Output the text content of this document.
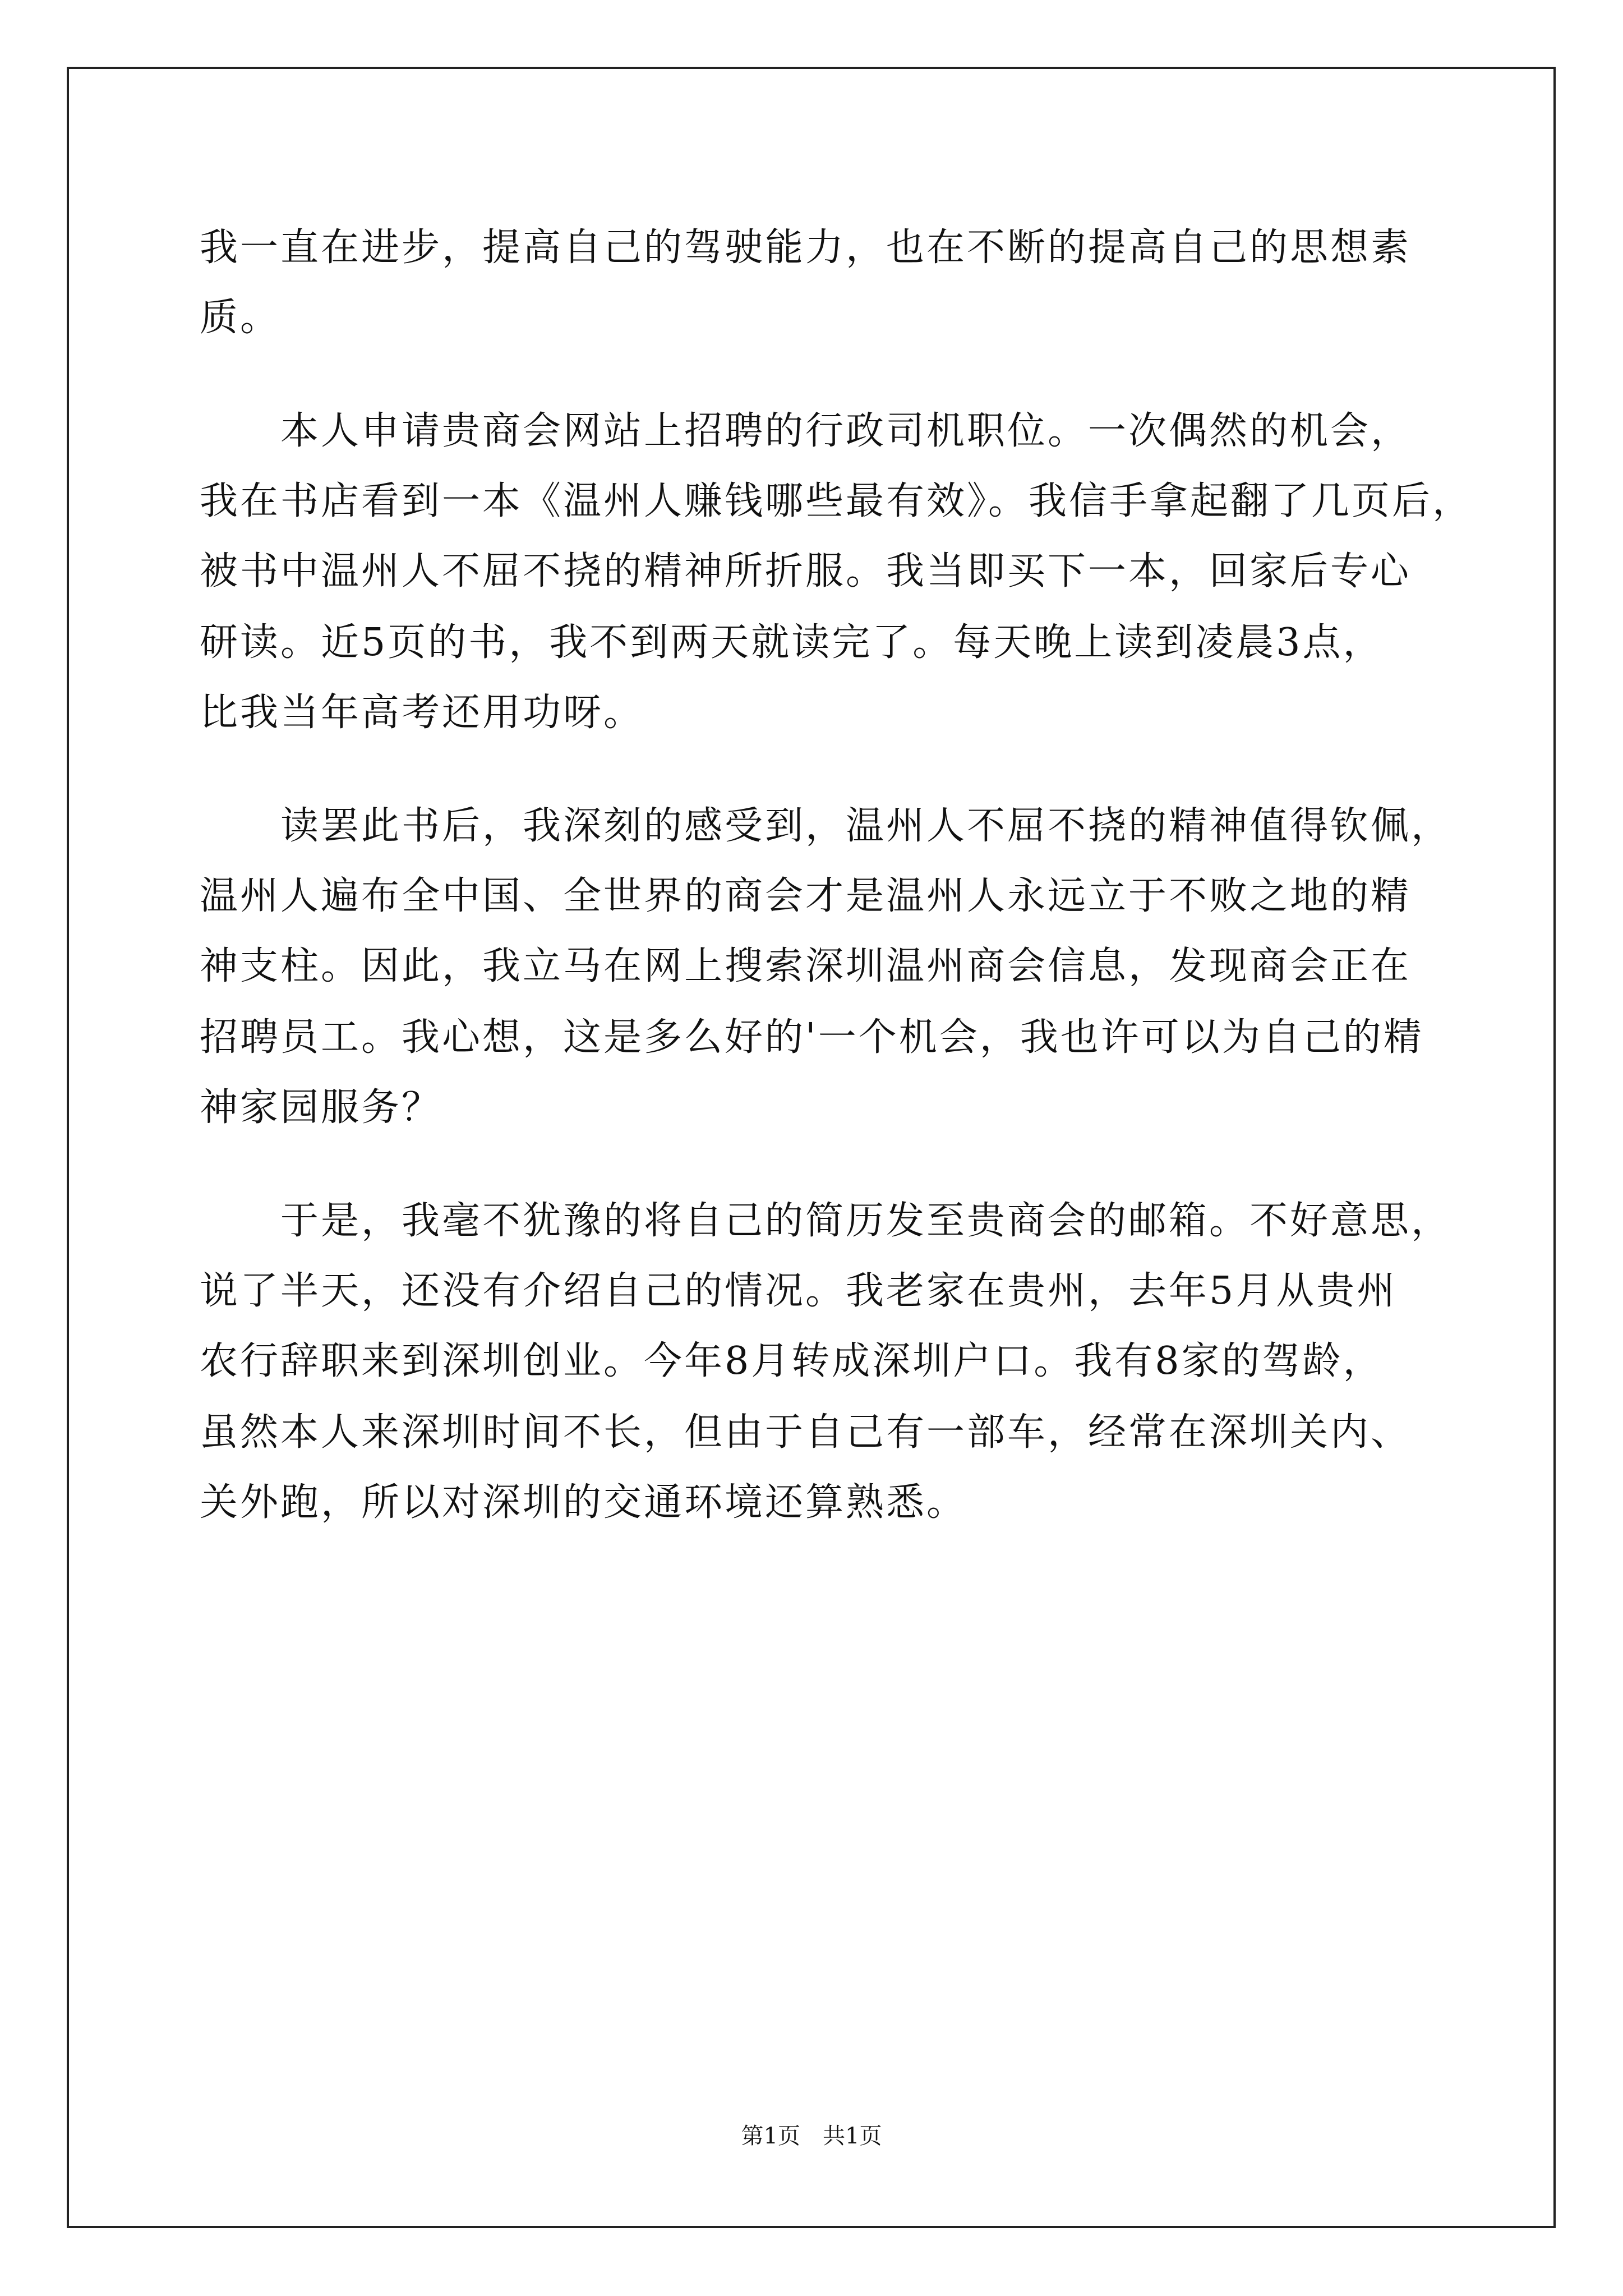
我一直在进步，提高自己的驾驶能力，也在不断的提高自己的思想素
质。
　　本人申请贵商会网站上招聘的行政司机职位。一次偶然的机会，
我在书店看到一本《温州人赚钱哪些最有效》。我信手拿起翻了几页后，
被书中温州人不屈不挠的精神所折服。我当即买下一本，回家后专心
研读。近5页的书，我不到两天就读完了。每天晚上读到凌晨3点，
比我当年高考还用功呀。
　　读罢此书后，我深刻的感受到，温州人不屈不挠的精神值得钦佩，
温州人遍布全中国、全世界的商会才是温州人永远立于不败之地的精
神支柱。因此，我立马在网上搜索深圳温州商会信息，发现商会正在
招聘员工。我心想，这是多么好的'一个机会，我也许可以为自己的精
神家园服务？
　　于是，我毫不犹豫的将自己的简历发至贵商会的邮箱。不好意思，
说了半天，还没有介绍自己的情况。我老家在贵州，去年5月从贵州
农行辞职来到深圳创业。今年8月转成深圳户口。我有8家的驾龄，
虽然本人来深圳时间不长，但由于自己有一部车，经常在深圳关内、
关外跑，所以对深圳的交通环境还算熟悉。
第1页　共1页
